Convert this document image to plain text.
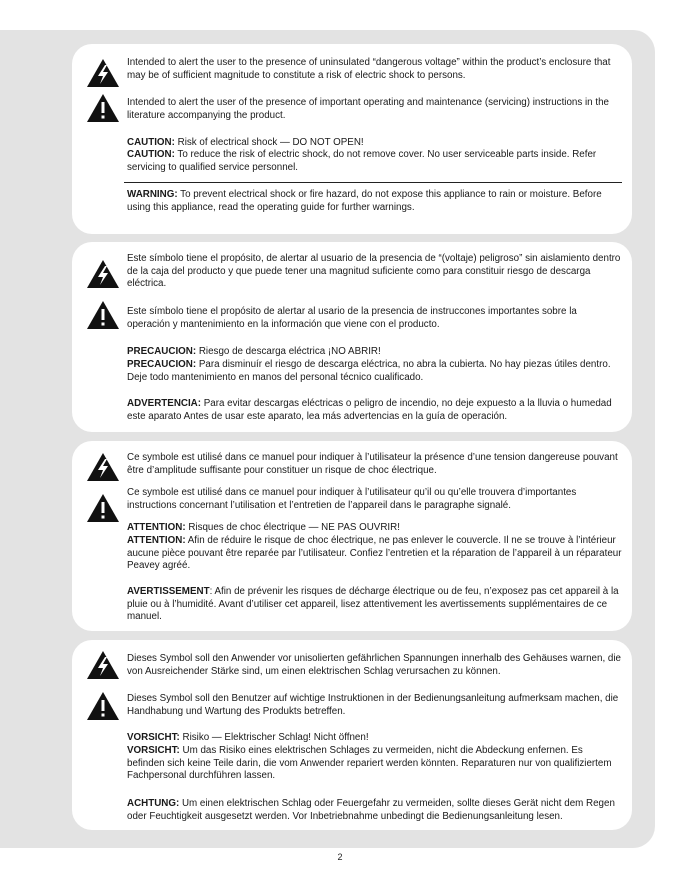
Intended to alert the user to the presence of uninsulated “dangerous voltage” within the product’s enclosure that may be of sufficient magnitude to constitute a risk of electric shock to persons.

Intended to alert the user of the presence of important operating and maintenance (servicing) instructions in the literature accompanying the product.

CAUTION: Risk of electrical shock — DO NOT OPEN!

CAUTION: To reduce the risk of electric shock, do not remove cover. No user serviceable parts inside. Refer servicing to qualified service personnel.

WARNING: To prevent electrical shock or fire hazard, do not expose this appliance to rain or moisture. Before using this appliance, read the operating guide for further warnings.

Este símbolo tiene el propósito, de alertar al usuario de la presencia de “(voltaje) peligroso” sin aislamiento dentro de la caja del producto y que puede tener una magnitud suficiente como para constituir riesgo de descarga eléctrica.

Este símbolo tiene el propósito de alertar al usario de la presencia de instruccones importantes sobre la operación y mantenimiento en la información que viene con el producto.

PRECAUCION: Riesgo de descarga eléctrica ¡NO ABRIR!

PRECAUCION: Para disminuír el riesgo de descarga eléctrica, no abra la cubierta. No hay piezas útiles dentro. Deje todo mantenimiento en manos del personal técnico cualificado.

ADVERTENCIA: Para evitar descargas eléctricas o peligro de incendio, no deje expuesto a la lluvia o humedad este aparato Antes de usar este aparato, lea más advertencias en la guía de operación.

Ce symbole est utilisé dans ce manuel pour indiquer à l’utilisateur la présence d’une tension dangereuse pouvant être d’amplitude suffisante pour constituer un risque de choc électrique.

Ce symbole est utilisé dans ce manuel pour indiquer à l’utilisateur qu’il ou qu’elle trouvera d’importantes instructions concernant l’utilisation et l’entretien de l’appareil dans le paragraphe signalé.

ATTENTION: Risques de choc électrique — NE PAS OUVRIR!

ATTENTION: Afin de réduire le risque de choc électrique, ne pas enlever le couvercle. Il ne se trouve à l’intérieur aucune pièce pouvant être reparée par l’utilisateur. Confiez l’entretien et la réparation de l’appareil à un réparateur Peavey agréé.

AVERTISSEMENT: Afin de prévenir les risques de décharge électrique ou de feu, n’exposez pas cet appareil à la pluie ou à l’humidité. Avant d’utiliser cet appareil, lisez attentivement les avertissements supplémentaires de ce manuel.

Dieses Symbol soll den Anwender vor unisolierten gefährlichen Spannungen innerhalb des Gehäuses warnen, die von Ausreichender Stärke sind, um einen elektrischen Schlag verursachen zu können.

Dieses Symbol soll den Benutzer auf wichtige Instruktionen in der Bedienungsanleitung aufmerksam machen, die Handhabung und Wartung des Produkts betreffen.

VORSICHT: Risiko — Elektrischer Schlag! Nicht öffnen!

VORSICHT: Um das Risiko eines elektrischen Schlages zu vermeiden, nicht die Abdeckung enfernen. Es befinden sich keine Teile darin, die vom Anwender repariert werden könnten. Reparaturen nur von qualifiziertem Fachpersonal durchführen lassen.

ACHTUNG: Um einen elektrischen Schlag oder Feuergefahr zu vermeiden, sollte dieses Gerät nicht dem Regen oder Feuchtigkeit ausgesetzt werden. Vor Inbetriebnahme unbedingt die Bedienungsanleitung lesen.

2
